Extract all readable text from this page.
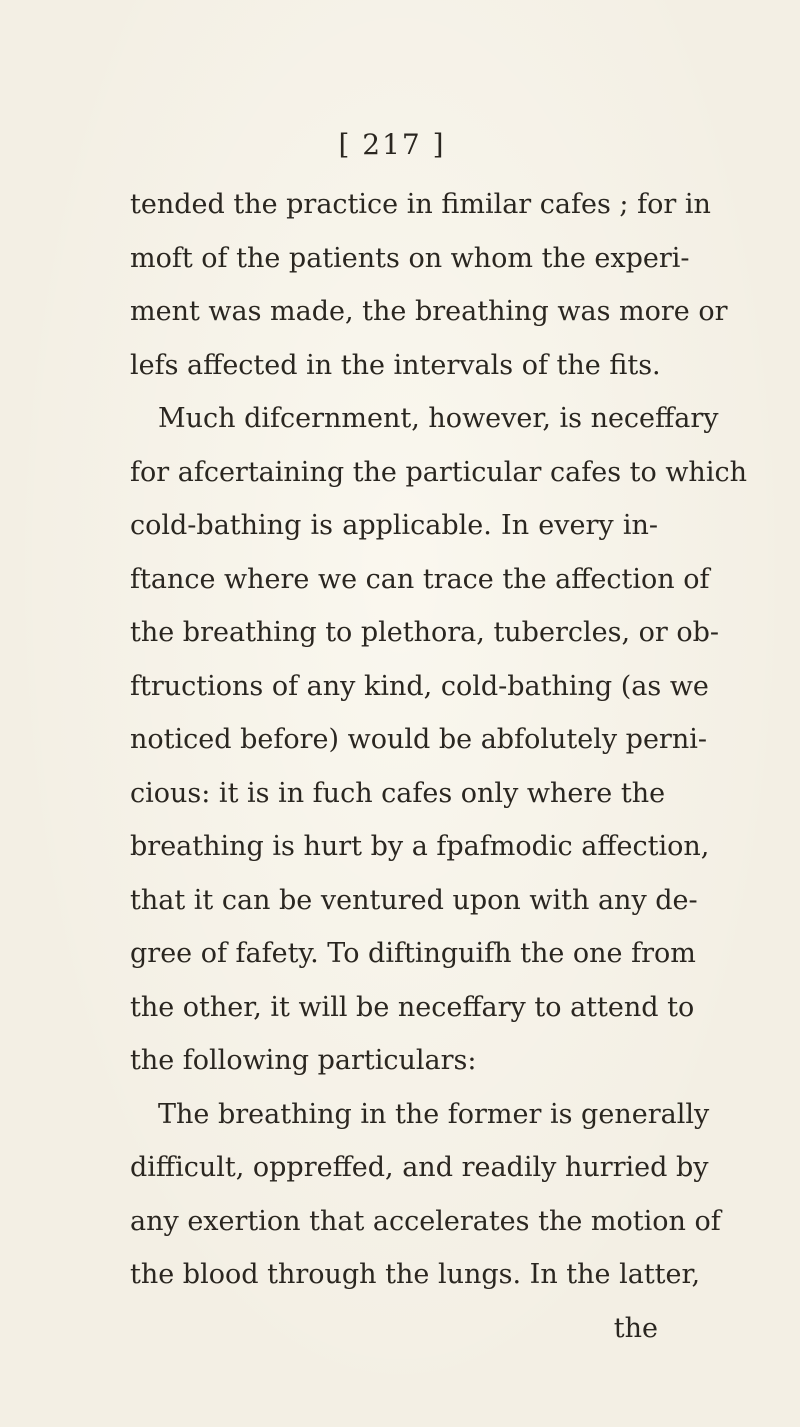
[ 217 ]
tended the practice in fimilar cafes ; for in
moft of the patients on whom the experi-
ment was made, the breathing was more or
lefs affected in the intervals of the fits.
Much difcernment, however, is neceffary
for afcertaining the particular cafes to which
cold-bathing is applicable. In every in-
ftance where we can trace the affection of
the breathing to plethora, tubercles, or ob-
ftructions of any kind, cold-bathing (as we
noticed before) would be abfolutely perni-
cious: it is in fuch cafes only where the
breathing is hurt by a fpafmodic affection,
that it can be ventured upon with any de-
gree of fafety. To diftinguifh the one from
the other, it will be neceffary to attend to
the following particulars:
The breathing in the former is generally
difficult, oppreffed, and readily hurried by
any exertion that accelerates the motion of
the blood through the lungs. In the latter,
the
